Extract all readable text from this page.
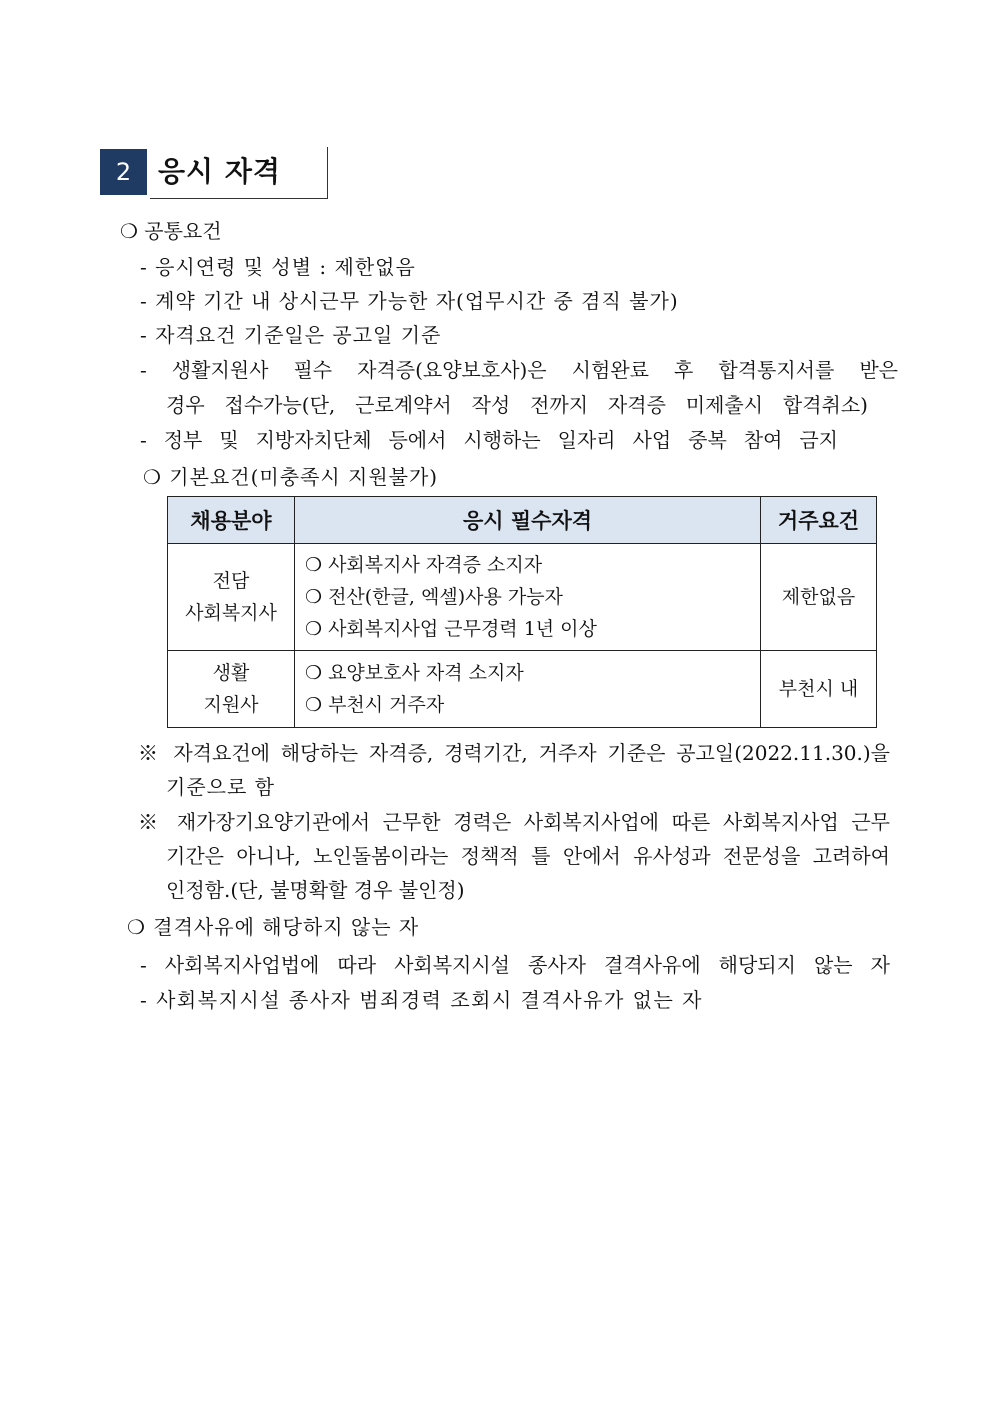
2 응시 자격
❍ 공통요건
- 응시연령 및 성별 : 제한없음
- 계약 기간 내 상시근무 가능한 자(업무시간 중 겸직 불가)
- 자격요건 기준일은 공고일 기준
- 생활지원사 필수 자격증(요양보호사)은 시험완료 후 합격통지서를 받은
경우 접수가능(단, 근로계약서 작성 전까지 자격증 미제출시 합격취소)
- 정부 및 지방자치단체 등에서 시행하는 일자리 사업 중복 참여 금지
❍ 기본요건(미충족시 지원불가)
채용분야	응시 필수자격	거주요건

전담
사회복지사	❍ 사회복지사 자격증 소지자
❍ 전산(한글, 엑셀)사용 가능자
❍ 사회복지사업 근무경력 1년 이상	제한없음

생활
지원사	❍ 요양보호사 자격 소지자
❍ 부천시 거주자	부천시 내
※ 자격요건에 해당하는 자격증, 경력기간, 거주자 기준은 공고일(2022.11.30.)을
기준으로 함
※ 재가장기요양기관에서 근무한 경력은 사회복지사업에 따른 사회복지사업 근무
기간은 아니나, 노인돌봄이라는 정책적 틀 안에서 유사성과 전문성을 고려하여
인정함.(단, 불명확할 경우 불인정)
❍ 결격사유에 해당하지 않는 자
- 사회복지사업법에 따라 사회복지시설 종사자 결격사유에 해당되지 않는 자
- 사회복지시설 종사자 범죄경력 조회시 결격사유가 없는 자
